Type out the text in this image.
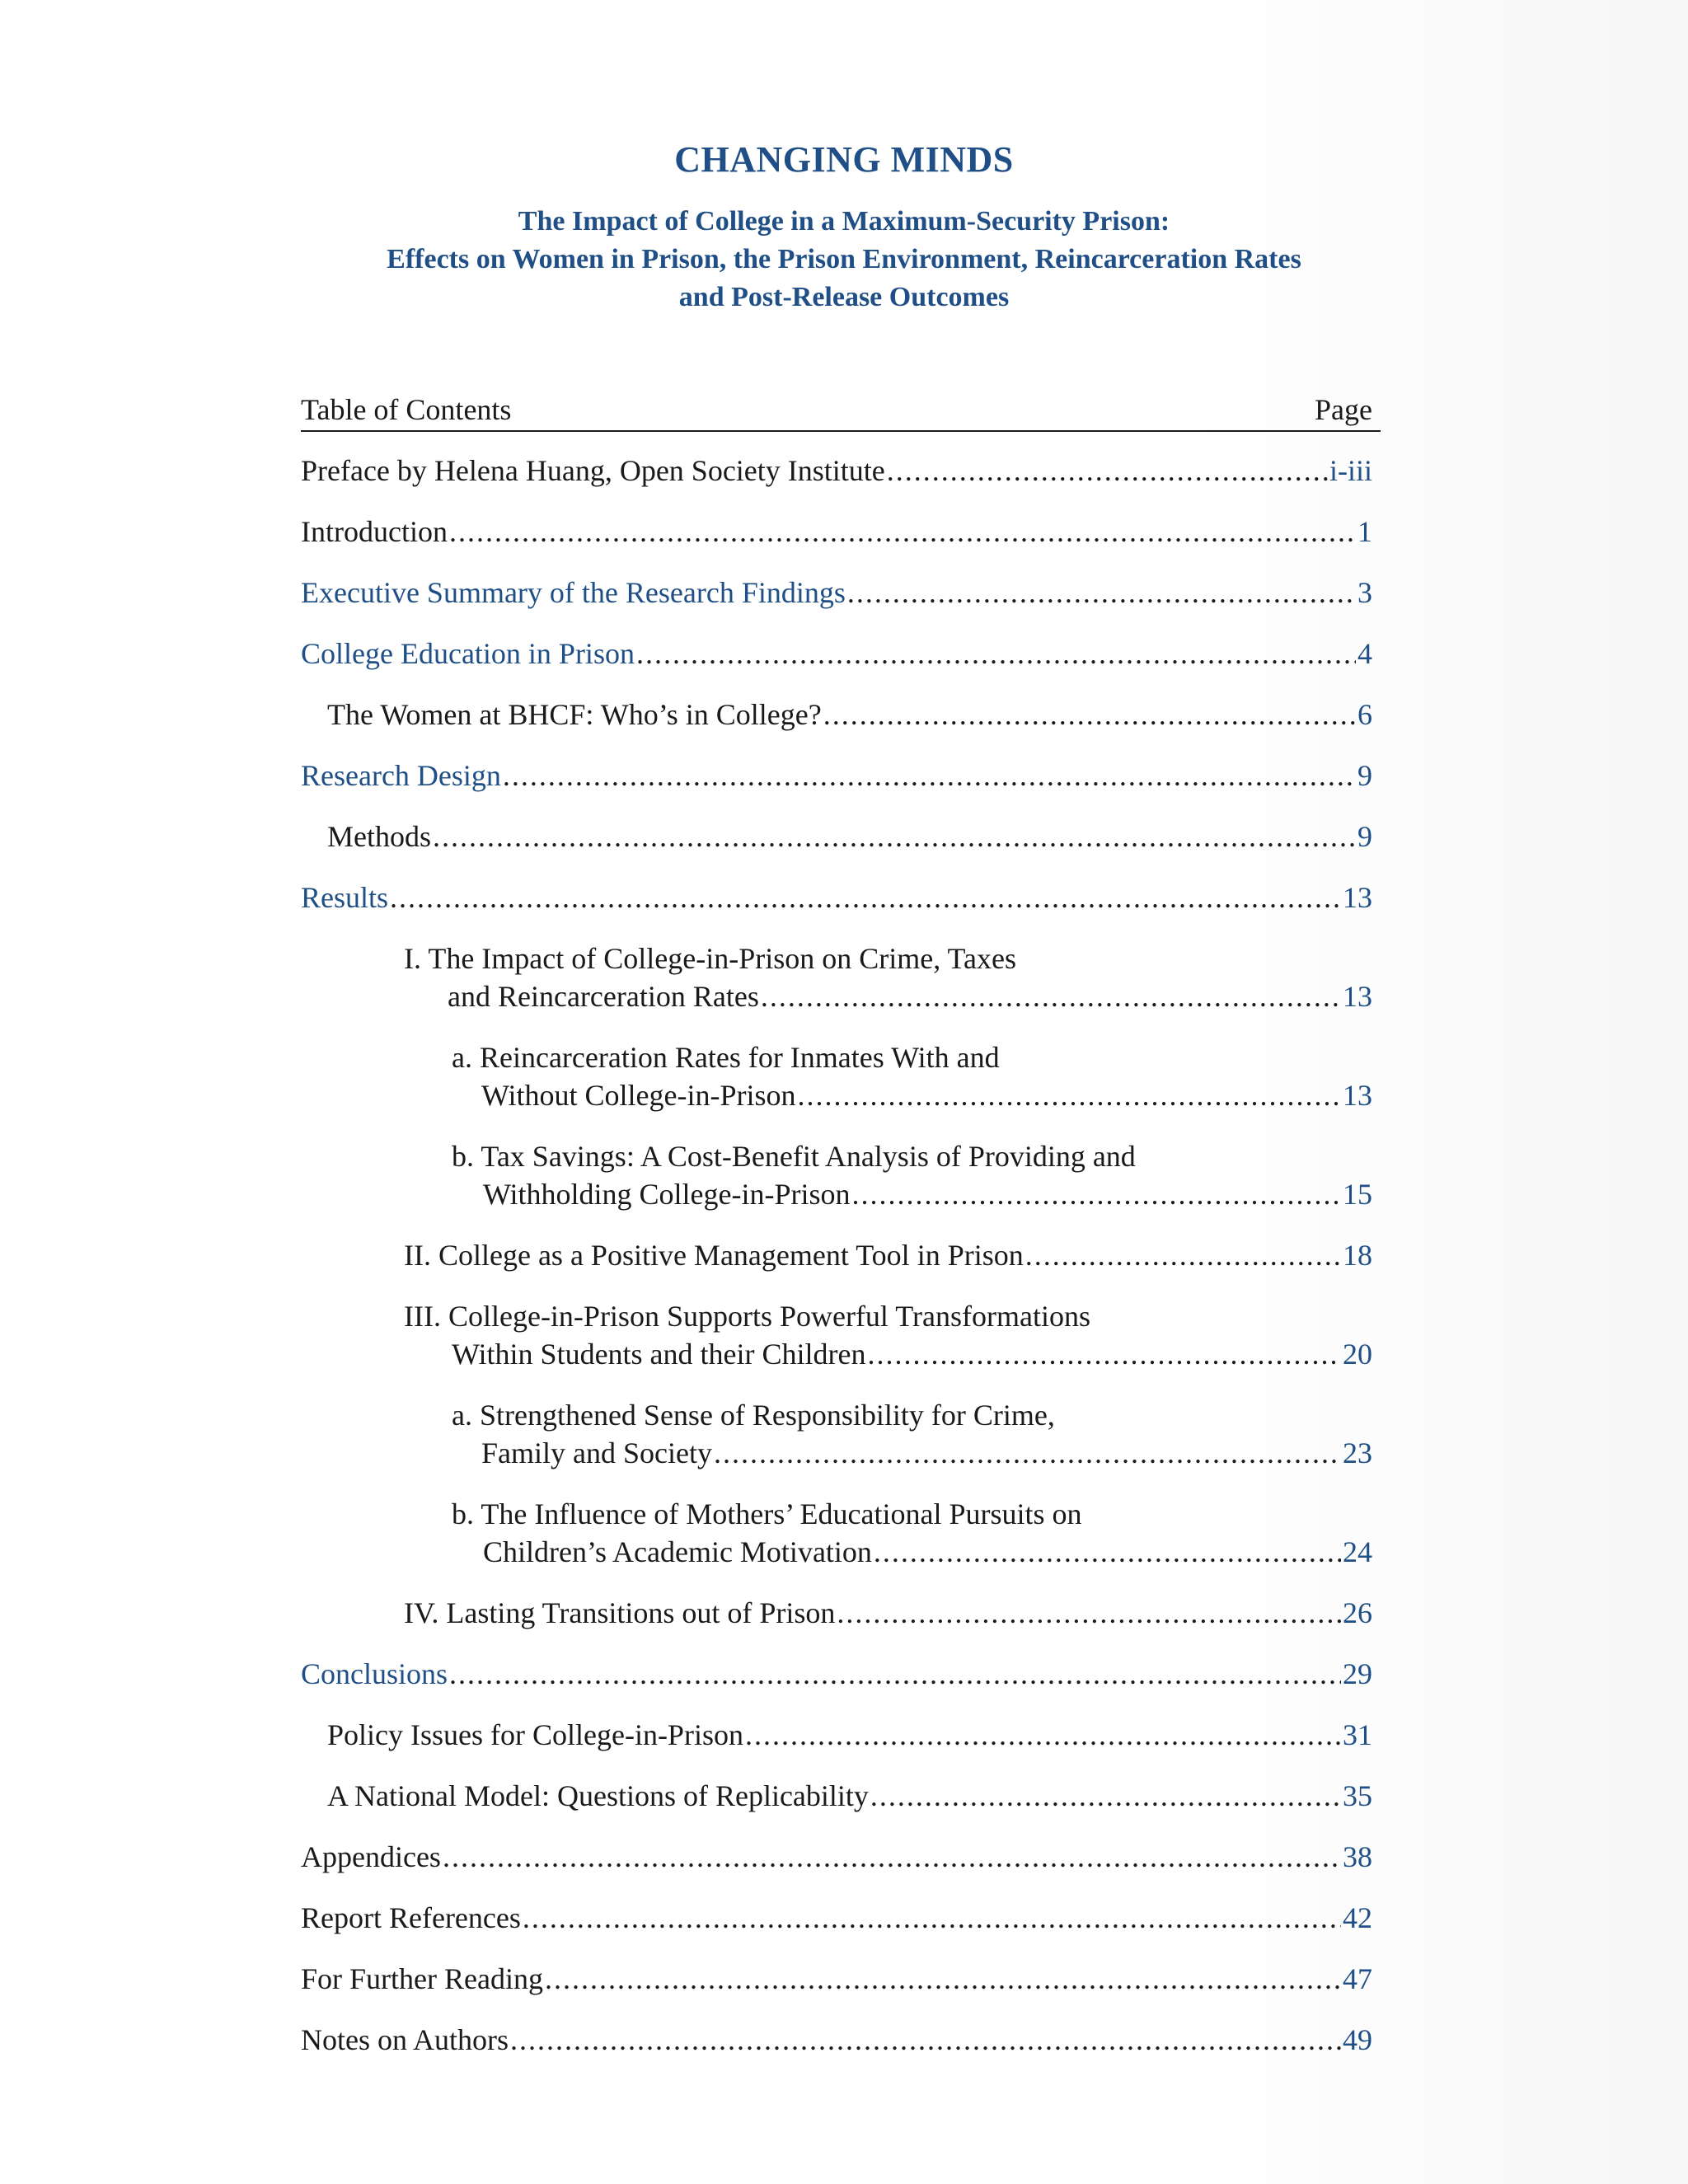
CHANGING MINDS
The Impact of College in a Maximum-Security Prison:
Effects on Women in Prison, the Prison Environment, Reincarceration Rates
and Post-Release Outcomes
Table of Contents	Page
Preface by Helena Huang, Open Society Institute .....	i-iii
Introduction .....	1
Executive Summary of the Research Findings .....	3
College Education in Prison .....	4
The Women at BHCF: Who’s in College? .....	6
Research Design .....	9
Methods .....	9
Results .....	13
I. The Impact of College-in-Prison on Crime, Taxes
and Reincarceration Rates .....	13
a. Reincarceration Rates for Inmates With and
Without College-in-Prison .....	13
b. Tax Savings: A Cost-Benefit Analysis of Providing and
Withholding College-in-Prison .....	15
II. College as a Positive Management Tool in Prison .....	18
III. College-in-Prison Supports Powerful Transformations
Within Students and their Children .....	20
a. Strengthened Sense of Responsibility for Crime,
Family and Society .....	23
b. The Influence of Mothers’ Educational Pursuits on
Children’s Academic Motivation .....	24
IV. Lasting Transitions out of Prison .....	26
Conclusions .....	29
Policy Issues for College-in-Prison .....	31
A National Model: Questions of Replicability .....	35
Appendices .....	38
Report References .....	42
For Further Reading .....	47
Notes on Authors .....	49
